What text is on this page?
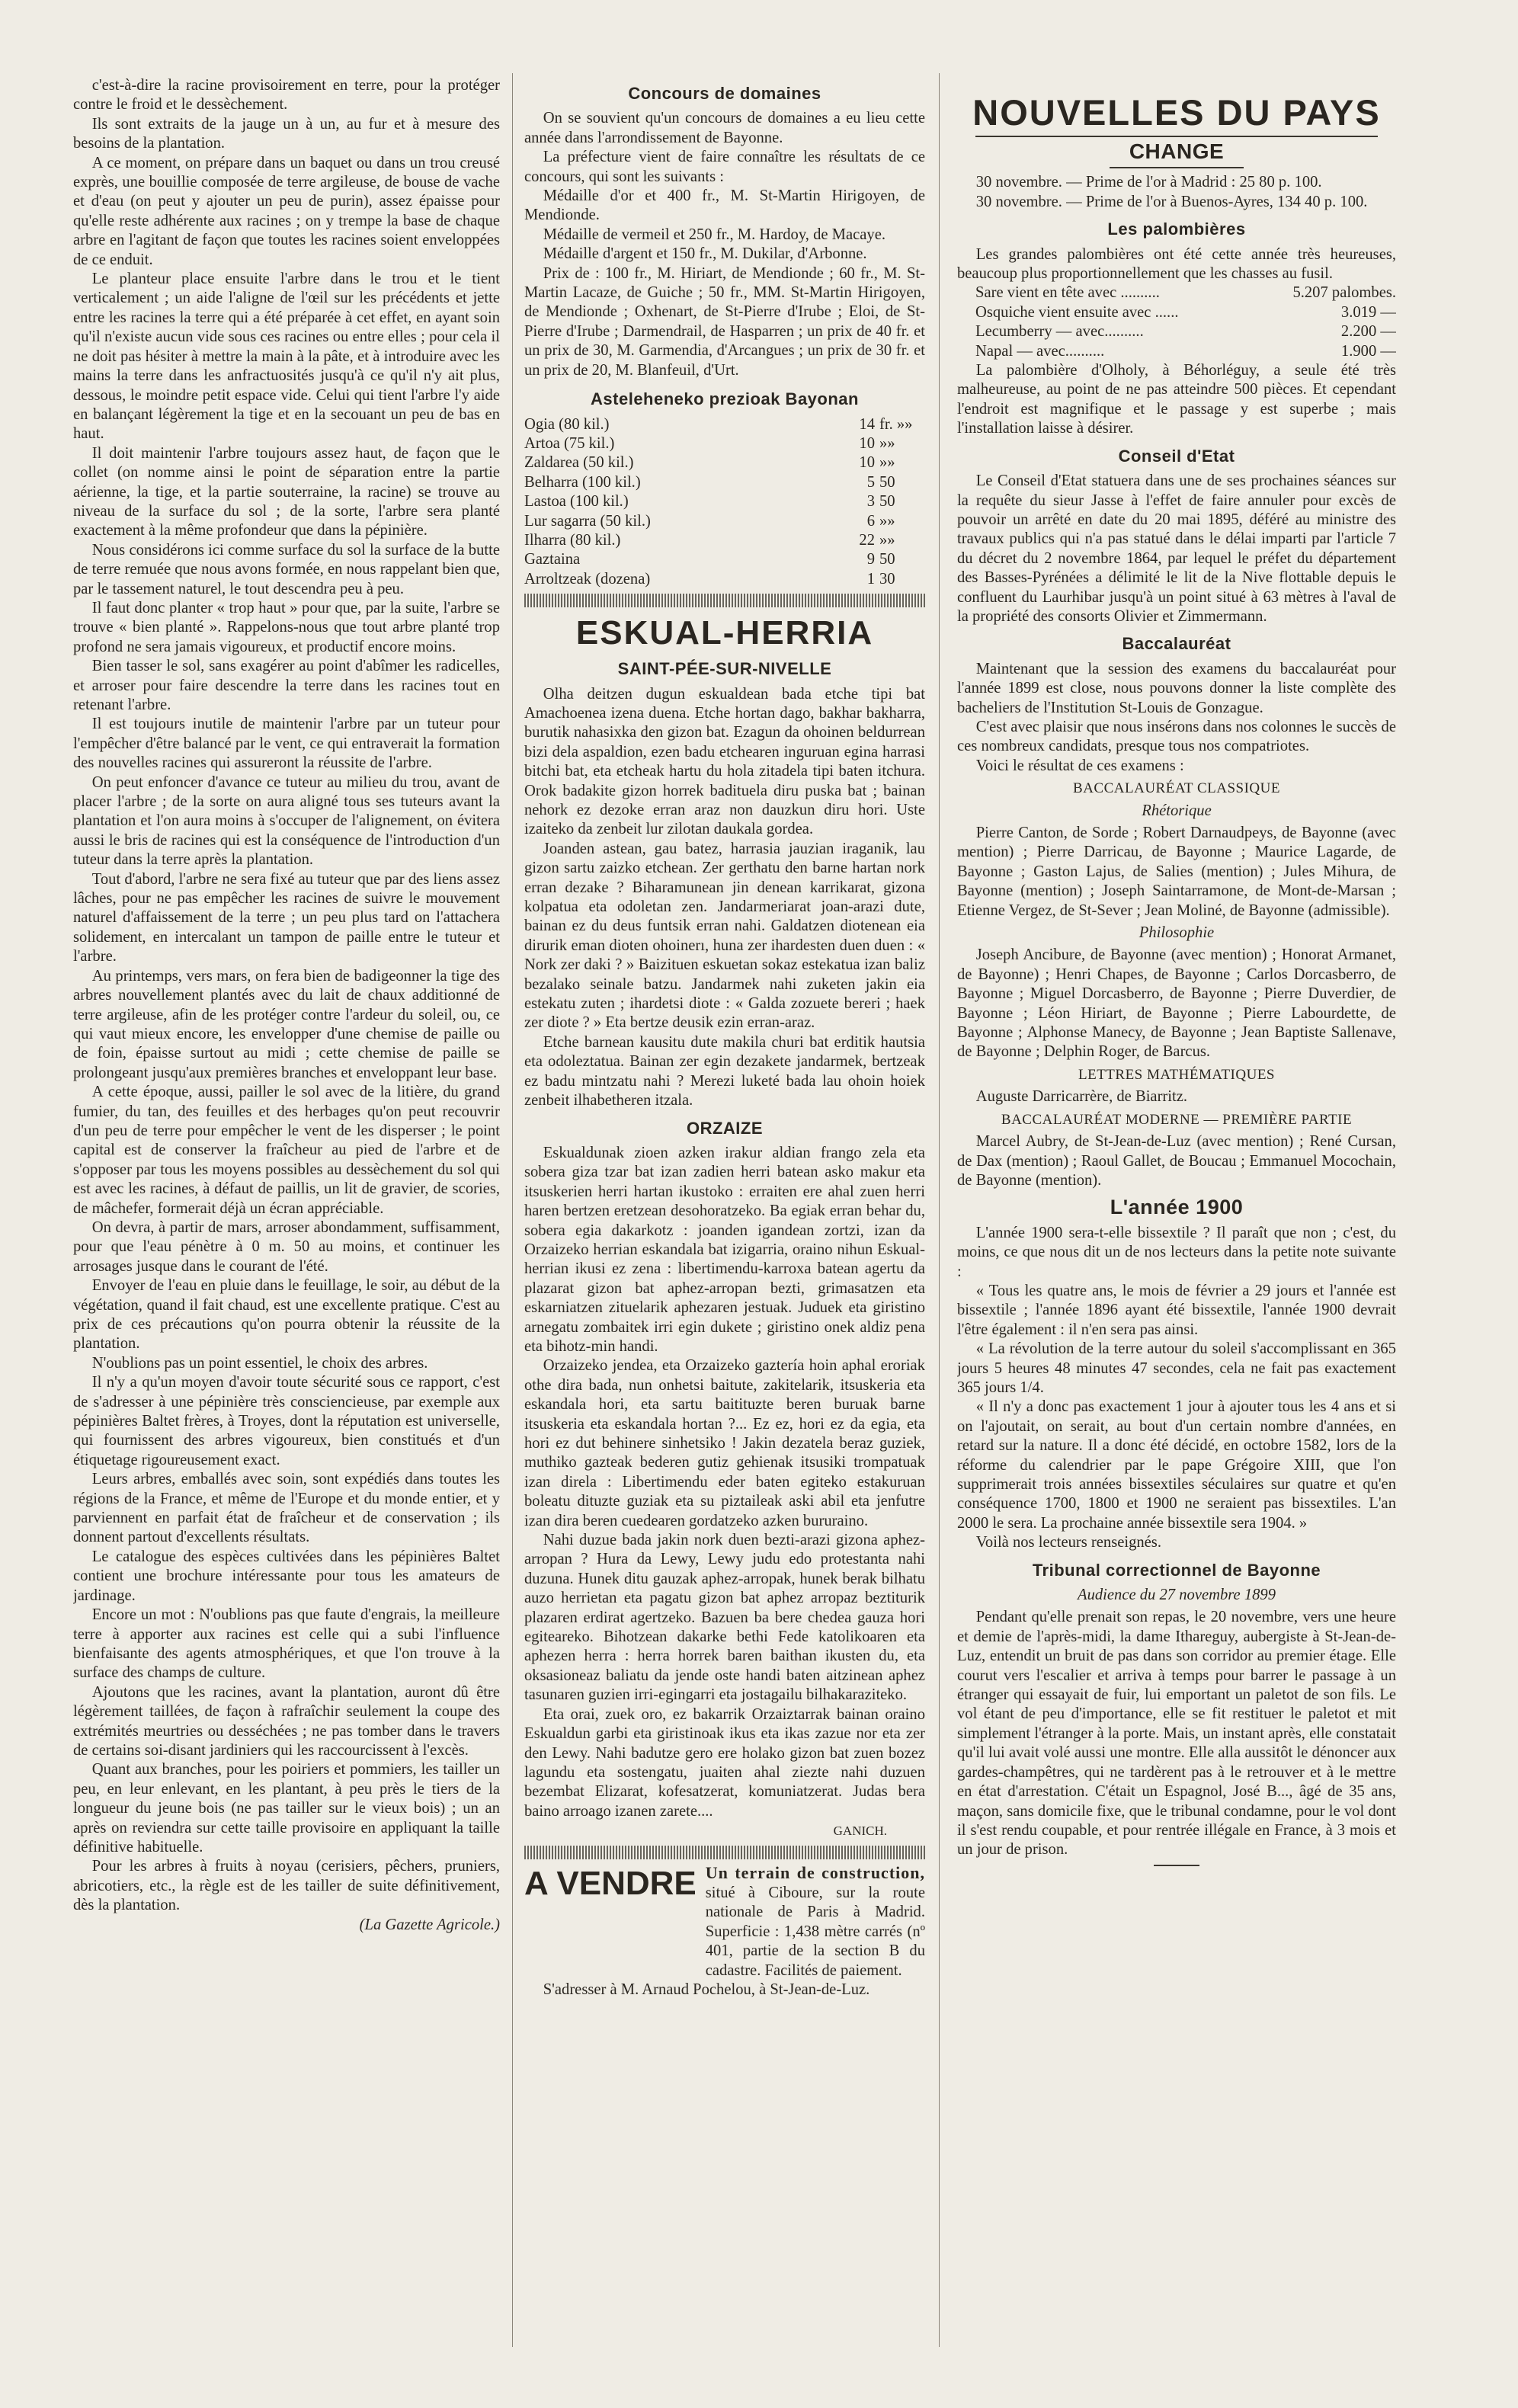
c'est-à-dire la racine provisoirement en terre, pour la protéger contre le froid et le dessèchement.

Ils sont extraits de la jauge un à un, au fur et à mesure des besoins de la plantation.

A ce moment, on prépare dans un baquet ou dans un trou creusé exprès, une bouillie composée de terre argileuse, de bouse de vache et d'eau (on peut y ajouter un peu de purin), assez épaisse pour qu'elle reste adhérente aux racines ; on y trempe la base de chaque arbre en l'agitant de façon que toutes les racines soient enveloppées de ce enduit.

Le planteur place ensuite l'arbre dans le trou et le tient verticalement ; un aide l'aligne de l'œil sur les précédents et jette entre les racines la terre qui a été préparée à cet effet, en ayant soin qu'il n'existe aucun vide sous ces racines ou entre elles ; pour cela il ne doit pas hésiter à mettre la main à la pâte, et à introduire avec les mains la terre dans les anfractuosités jusqu'à ce qu'il n'y ait plus, dessous, le moindre petit espace vide. Celui qui tient l'arbre l'y aide en balançant légèrement la tige et en la secouant un peu de bas en haut.

Il doit maintenir l'arbre toujours assez haut, de façon que le collet (on nomme ainsi le point de séparation entre la partie aérienne, la tige, et la partie souterraine, la racine) se trouve au niveau de la surface du sol ; de la sorte, l'arbre sera planté exactement à la même profondeur que dans la pépinière.

Nous considérons ici comme surface du sol la surface de la butte de terre remuée que nous avons formée, en nous rappelant bien que, par le tassement naturel, le tout descendra peu à peu.

Il faut donc planter « trop haut » pour que, par la suite, l'arbre se trouve « bien planté ». Rappelons-nous que tout arbre planté trop profond ne sera jamais vigoureux, et productif encore moins.

Bien tasser le sol, sans exagérer au point d'abîmer les radicelles, et arroser pour faire descendre la terre dans les racines tout en retenant l'arbre.

Il est toujours inutile de maintenir l'arbre par un tuteur pour l'empêcher d'être balancé par le vent, ce qui entraverait la formation des nouvelles racines qui assureront la réussite de l'arbre.

On peut enfoncer d'avance ce tuteur au milieu du trou, avant de placer l'arbre ; de la sorte on aura aligné tous ses tuteurs avant la plantation et l'on aura moins à s'occuper de l'alignement, on évitera aussi le bris de racines qui est la conséquence de l'introduction d'un tuteur dans la terre après la plantation.

Tout d'abord, l'arbre ne sera fixé au tuteur que par des liens assez lâches, pour ne pas empêcher les racines de suivre le mouvement naturel d'affaissement de la terre ; un peu plus tard on l'attachera solidement, en intercalant un tampon de paille entre le tuteur et l'arbre.

Au printemps, vers mars, on fera bien de badigeonner la tige des arbres nouvellement plantés avec du lait de chaux additionné de terre argileuse, afin de les protéger contre l'ardeur du soleil, ou, ce qui vaut mieux encore, les envelopper d'une chemise de paille ou de foin, épaisse surtout au midi ; cette chemise de paille se prolongeant jusqu'aux premières branches et enveloppant leur base.

A cette époque, aussi, pailler le sol avec de la litière, du grand fumier, du tan, des feuilles et des herbages qu'on peut recouvrir d'un peu de terre pour empêcher le vent de les disperser ; le point capital est de conserver la fraîcheur au pied de l'arbre et de s'opposer par tous les moyens possibles au dessèchement du sol qui est avec les racines, à défaut de paillis, un lit de gravier, de scories, de mâchefer, formerait déjà un écran appréciable.

On devra, à partir de mars, arroser abondamment, suffisamment, pour que l'eau pénètre à 0 m. 50 au moins, et continuer les arrosages jusque dans le courant de l'été.

Envoyer de l'eau en pluie dans le feuillage, le soir, au début de la végétation, quand il fait chaud, est une excellente pratique. C'est au prix de ces précautions qu'on pourra obtenir la réussite de la plantation.

N'oublions pas un point essentiel, le choix des arbres.

Il n'y a qu'un moyen d'avoir toute sécurité sous ce rapport, c'est de s'adresser à une pépinière très consciencieuse, par exemple aux pépinières Baltet frères, à Troyes, dont la réputation est universelle, qui fournissent des arbres vigoureux, bien constitués et d'un étiquetage rigoureusement exact.

Leurs arbres, emballés avec soin, sont expédiés dans toutes les régions de la France, et même de l'Europe et du monde entier, et y parviennent en parfait état de fraîcheur et de conservation ; ils donnent partout d'excellents résultats.

Le catalogue des espèces cultivées dans les pépinières Baltet contient une brochure intéressante pour tous les amateurs de jardinage.

Encore un mot : N'oublions pas que faute d'engrais, la meilleure terre à apporter aux racines est celle qui a subi l'influence bienfaisante des agents atmosphériques, et que l'on trouve à la surface des champs de culture.

Ajoutons que les racines, avant la plantation, auront dû être légèrement taillées, de façon à rafraîchir seulement la coupe des extrémités meurtries ou desséchées ; ne pas tomber dans le travers de certains soi-disant jardiniers qui les raccourcissent à l'excès.

Quant aux branches, pour les poiriers et pommiers, les tailler un peu, en leur enlevant, en les plantant, à peu près le tiers de la longueur du jeune bois (ne pas tailler sur le vieux bois) ; un an après on reviendra sur cette taille provisoire en appliquant la taille définitive habituelle.

Pour les arbres à fruits à noyau (cerisiers, pêchers, pruniers, abricotiers, etc., la règle est de les tailler de suite définitivement, dès la plantation.

(La Gazette Agricole.)

Concours de domaines

On se souvient qu'un concours de domaines a eu lieu cette année dans l'arrondissement de Bayonne.

La préfecture vient de faire connaître les résultats de ce concours, qui sont les suivants :

Médaille d'or et 400 fr., M. St-Martin Hirigoyen, de Mendionde.

Médaille de vermeil et 250 fr., M. Hardoy, de Macaye.

Médaille d'argent et 150 fr., M. Dukilar, d'Arbonne.

Prix de : 100 fr., M. Hiriart, de Mendionde ; 60 fr., M. St-Martin Lacaze, de Guiche ; 50 fr., MM. St-Martin Hirigoyen, de Mendionde ; Oxhenart, de St-Pierre d'Irube ; Eloi, de St-Pierre d'Irube ; Darmendrail, de Hasparren ; un prix de 40 fr. et un prix de 30, M. Garmendia, d'Arcangues ; un prix de 30 fr. et un prix de 20, M. Blanfeuil, d'Urt.

Asteleheneko prezioak Bayonan
Ogia (80 kil.)	14	fr. »»
Artoa (75 kil.)	10	»»
Zaldarea (50 kil.)	10	»»
Belharra (100 kil.)	5	50
Lastoa (100 kil.)	3	50
Lur sagarra (50 kil.)	6	»»
Ilharra (80 kil.)	22	»»
Gaztaina	9	50
Arroltzeak (dozena)	1	30
ESKUAL-HERRIA
SAINT-PÉE-SUR-NIVELLE

Olha deitzen dugun eskualdean bada etche tipi bat Amachoenea izena duena. Etche hortan dago, bakhar bakharra, burutik nahasixka den gizon bat. Ezagun da ohoinen beldurrean bizi dela aspaldion, ezen badu etchearen inguruan egina harrasi bitchi bat, eta etcheak hartu du hola zitadela tipi baten itchura. Orok badakite gizon horrek badituela diru puska bat ; bainan nehork ez dezoke erran araz non dauzkun diru hori. Uste izaiteko da zenbeit lur zilotan daukala gordea.

Joanden astean, gau batez, harrasia jauzian iraganik, lau gizon sartu zaizko etchean. Zer gerthatu den barne hartan nork erran dezake ? Biharamunean jin denean karrikarat, gizona kolpatua eta odoletan zen. Jandarmeriarat joan-arazi dute, bainan ez du deus funtsik erran nahi. Galdatzen diotenean eia dirurik eman dioten ohoinerı, huna zer ihardesten duen duen : « Nork zer daki ? » Baizituen eskuetan sokaz estekatua izan baliz bezalako seinale batzu. Jandarmek nahi zuketen jakin eia estekatu zuten ; ihardetsi diote : « Galda zozuete bereri ; haek zer diote ? » Eta bertze deusik ezin erran-araz.

Etche barnean kausitu dute makila churi bat erditik hautsia eta odoleztatua. Bainan zer egin dezakete jandarmek, bertzeak ez badu mintzatu nahi ? Merezi luketé bada lau ohoin hoiek zenbeit ilhabetheren itzala.

ORZAIZE

Eskualdunak zioen azken irakur aldian frango zela eta sobera giza tzar bat izan zadien herri batean asko makur eta itsuskerien herri hartan ikustoko : erraiten ere ahal zuen herri haren bertzen eretzean desohoratzeko. Ba egiak erran behar du, sobera egia dakarkotz : joanden igandean zortzi, izan da Orzaizeko herrian eskandala bat izigarria, oraino nihun Eskual-herrian ikusi ez zena : libertimendu-karroxa batean agertu da plazarat gizon bat aphez-arropan bezti, grimasatzen eta eskarniatzen zituelarik aphezaren jestuak. Juduek eta giristino arnegatu zombaitek irri egin dukete ; giristino onek aldiz pena eta bihotz-min handi.

Orzaizeko jendea, eta Orzaizeko gaztería hoin aphal eroriak othe dira bada, nun onhetsi baitute, zakitelarik, itsuskeria eta eskandala hori, eta sartu baitituzte beren buruak barne itsuskeria eta eskandala hortan ?... Ez ez, hori ez da egia, eta hori ez dut behinere sinhetsiko ! Jakin dezatela beraz guziek, muthiko gazteak bederen gutiz gehienak itsusiki trompatuak izan direla : Libertimendu eder baten egiteko estakuruan boleatu dituzte guziak eta su piztaileak aski abil eta jenfutre izan dira beren cuedearen gordatzeko azken bururaino.

Nahi duzue bada jakin nork duen bezti-arazi gizona aphez-arropan ? Hura da Lewy, Lewy judu edo protestanta nahi duzuna. Hunek ditu gauzak aphez-arropak, hunek berak bilhatu auzo herrietan eta pagatu gizon bat aphez arropaz beztiturik plazaren erdirat agertzeko. Bazuen ba bere chedea gauza hori egiteareko. Bihotzean dakarke bethi Fede katolikoaren eta aphezen herra : herra horrek baren baithan ikusten du, eta oksasioneaz baliatu da jende oste handi baten aitzinean aphez tasunaren guzien irri-egingarri eta jostagailu bilhakaraziteko.

Eta orai, zuek oro, ez bakarrik Orzaiztarrak bainan oraino Eskualdun garbi eta giristinoak ikus eta ikas zazue nor eta zer den Lewy. Nahi badutze gero ere holako gizon bat zuen bozez lagundu eta sostengatu, juaiten ahal ziezte nahi duzuen bezembat Elizarat, kofesatzerat, komuniatzerat. Judas bera baino arroago izanen zarete....

GANICH.

A VENDRE Un terrain de construction, situé à Ciboure, sur la route nationale de Paris à Madrid. Superficie : 1,438 mètre carrés (nº 401, partie de la section B du cadastre. Facilités de paiement.

S'adresser à M. Arnaud Pochelou, à St-Jean-de-Luz.

NOUVELLES DU PAYS
CHANGE

30 novembre. — Prime de l'or à Madrid : 25 80 p. 100.

30 novembre. — Prime de l'or à Buenos-Ayres, 134 40 p. 100.

Les palombières

Les grandes palombières ont été cette année très heureuses, beaucoup plus proportionnellement que les chasses au fusil.

Sare vient en tête avec ..........	5.207 palombes.
Osquiche vient ensuite avec ......	3.019 —
Lecumberry — avec..........	2.200 —
Napal — avec..........	1.900 —

La palombière d'Olholy, à Béhorléguy, a seule été très malheureuse, au point de ne pas atteindre 500 pièces. Et cependant l'endroit est magnifique et le passage y est superbe ; mais l'installation laisse à désirer.

Conseil d'Etat

Le Conseil d'Etat statuera dans une de ses prochaines séances sur la requête du sieur Jasse à l'effet de faire annuler pour excès de pouvoir un arrêté en date du 20 mai 1895, déféré au ministre des travaux publics qui n'a pas statué dans le délai imparti par l'article 7 du décret du 2 novembre 1864, par lequel le préfet du département des Basses-Pyrénées a délimité le lit de la Nive flottable depuis le confluent du Laurhibar jusqu'à un point situé à 63 mètres à l'aval de la propriété des consorts Olivier et Zimmermann.

Baccalauréat

Maintenant que la session des examens du baccalauréat pour l'année 1899 est close, nous pouvons donner la liste complète des bacheliers de l'Institution St-Louis de Gonzague.

C'est avec plaisir que nous insérons dans nos colonnes le succès de ces nombreux candidats, presque tous nos compatriotes.

Voici le résultat de ces examens :

BACCALAURÉAT CLASSIQUE
Rhétorique

Pierre Canton, de Sorde ; Robert Darnaudpeys, de Bayonne (avec mention) ; Pierre Darricau, de Bayonne ; Maurice Lagarde, de Bayonne ; Gaston Lajus, de Salies (mention) ; Jules Mihura, de Bayonne (mention) ; Joseph Saintarramone, de Mont-de-Marsan ; Etienne Vergez, de St-Sever ; Jean Moliné, de Bayonne (admissible).

Philosophie

Joseph Ancibure, de Bayonne (avec mention) ; Honorat Armanet, de Bayonne) ; Henri Chapes, de Bayonne ; Carlos Dorcasberro, de Bayonne ; Miguel Dorcasberro, de Bayonne ; Pierre Duverdier, de Bayonne ; Léon Hiriart, de Bayonne ; Pierre Labourdette, de Bayonne ; Alphonse Manecy, de Bayonne ; Jean Baptiste Sallenave, de Bayonne ; Delphin Roger, de Barcus.

LETTRES MATHÉMATIQUES

Auguste Darricarrère, de Biarritz.

BACCALAURÉAT MODERNE — PREMIÈRE PARTIE

Marcel Aubry, de St-Jean-de-Luz (avec mention) ; René Cursan, de Dax (mention) ; Raoul Gallet, de Boucau ; Emmanuel Mocochain, de Bayonne (mention).

L'année 1900

L'année 1900 sera-t-elle bissextile ? Il paraît que non ; c'est, du moins, ce que nous dit un de nos lecteurs dans la petite note suivante :

« Tous les quatre ans, le mois de février a 29 jours et l'année est bissextile ; l'année 1896 ayant été bissextile, l'année 1900 devrait l'être également : il n'en sera pas ainsi.

« La révolution de la terre autour du soleil s'accomplissant en 365 jours 5 heures 48 minutes 47 secondes, cela ne fait pas exactement 365 jours 1/4.

« Il n'y a donc pas exactement 1 jour à ajouter tous les 4 ans et si on l'ajoutait, on serait, au bout d'un certain nombre d'années, en retard sur la nature. Il a donc été décidé, en octobre 1582, lors de la réforme du calendrier par le pape Grégoire XIII, que l'on supprimerait trois années bissextiles séculaires sur quatre et qu'en conséquence 1700, 1800 et 1900 ne seraient pas bissextiles. L'an 2000 le sera. La prochaine année bissextile sera 1904. »

Voilà nos lecteurs renseignés.

Tribunal correctionnel de Bayonne
Audience du 27 novembre 1899

Pendant qu'elle prenait son repas, le 20 novembre, vers une heure et demie de l'après-midi, la dame Ithareguy, aubergiste à St-Jean-de-Luz, entendit un bruit de pas dans son corridor au premier étage. Elle courut vers l'escalier et arriva à temps pour barrer le passage à un étranger qui essayait de fuir, lui emportant un paletot de son fils. Le vol étant de peu d'importance, elle se fit restituer le paletot et mit simplement l'étranger à la porte. Mais, un instant après, elle constatait qu'il lui avait volé aussi une montre. Elle alla aussitôt le dénoncer aux gardes-champêtres, qui ne tardèrent pas à le retrouver et à le mettre en état d'arrestation. C'était un Espagnol, José B..., âgé de 35 ans, maçon, sans domicile fixe, que le tribunal condamne, pour le vol dont il s'est rendu coupable, et pour rentrée illégale en France, à 3 mois et un jour de prison.
